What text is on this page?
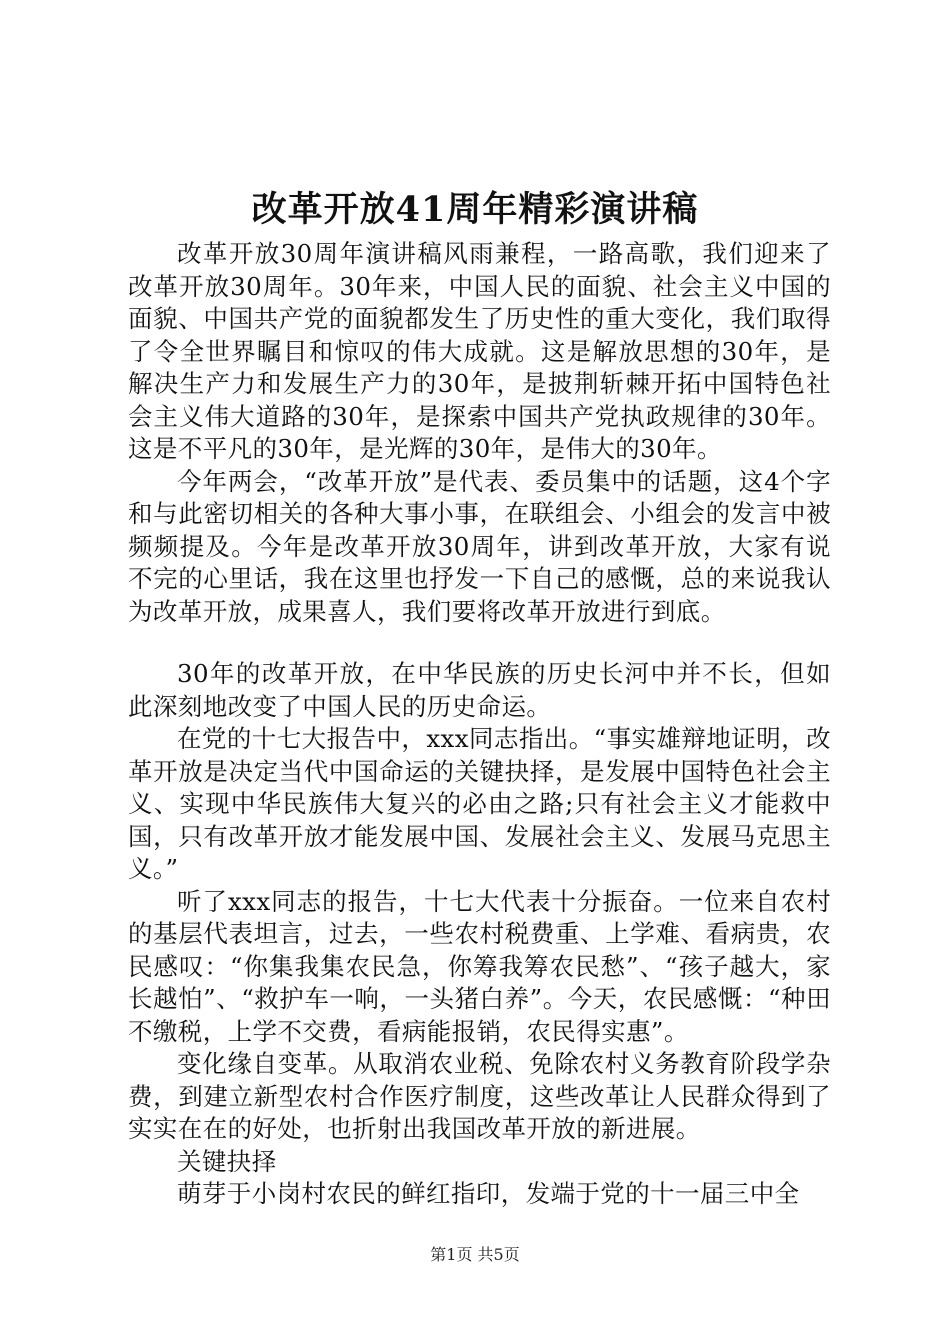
改革开放41周年精彩演讲稿

改革开放30周年演讲稿风雨兼程，一路高歌，我们迎来了改革开放30周年。30年来，中国人民的面貌、社会主义中国的面貌、中国共产党的面貌都发生了历史性的重大变化，我们取得了令全世界瞩目和惊叹的伟大成就。这是解放思想的30年，是解决生产力和发展生产力的30年，是披荆斩棘开拓中国特色社会主义伟大道路的30年，是探索中国共产党执政规律的30年。这是不平凡的30年，是光辉的30年，是伟大的30年。

今年两会，“改革开放”是代表、委员集中的话题，这4个字和与此密切相关的各种大事小事，在联组会、小组会的发言中被频频提及。今年是改革开放30周年，讲到改革开放，大家有说不完的心里话，我在这里也抒发一下自己的感慨，总的来说我认为改革开放，成果喜人，我们要将改革开放进行到底。

30年的改革开放，在中华民族的历史长河中并不长，但如此深刻地改变了中国人民的历史命运。

在党的十七大报告中，xxx同志指出。“事实雄辩地证明，改革开放是决定当代中国命运的关键抉择，是发展中国特色社会主义、实现中华民族伟大复兴的必由之路;只有社会主义才能救中国，只有改革开放才能发展中国、发展社会主义、发展马克思主义。”

听了xxx同志的报告，十七大代表十分振奋。一位来自农村的基层代表坦言，过去，一些农村税费重、上学难、看病贵，农民感叹：“你集我集农民急，你筹我筹农民愁”、“孩子越大，家长越怕”、“救护车一响，一头猪白养”。今天，农民感慨：“种田不缴税，上学不交费，看病能报销，农民得实惠”。

变化缘自变革。从取消农业税、免除农村义务教育阶段学杂费，到建立新型农村合作医疗制度，这些改革让人民群众得到了实实在在的好处，也折射出我国改革开放的新进展。

关键抉择

萌芽于小岗村农民的鲜红指印，发端于党的十一届三中全

第1页 共5页
